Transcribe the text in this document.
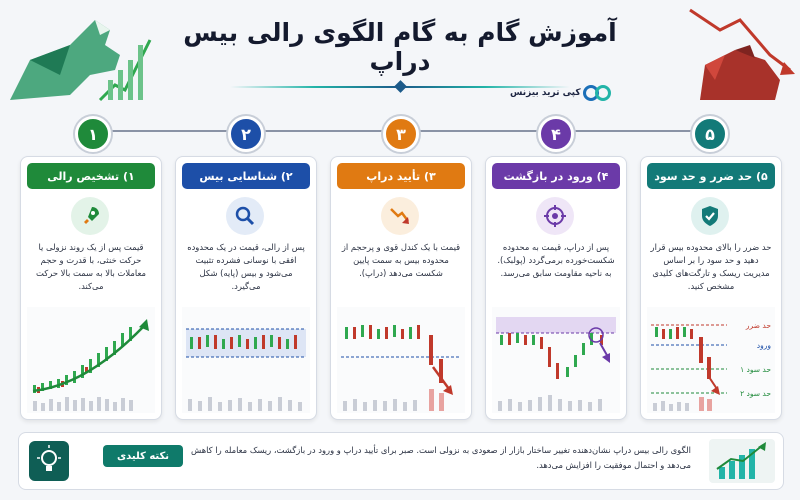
آموزش گام به گام الگوی رالی بیس دراپ
کپی ترید بیزنس
۱	۲	۳	۴	۵
۱) تشخیص رالی
قیمت پس از یک روند نزولی یا حرکت خنثی، با قدرت و حجم معاملات بالا به سمت بالا حرکت می‌کند.
۲) شناسایی بیس
پس از رالی، قیمت در یک محدوده افقی با نوسانی فشرده تثبیت می‌شود و بیس (پایه) شکل می‌گیرد.
۳) تأیید دراپ
قیمت با یک کندل قوی و پرحجم از محدوده بیس به سمت پایین شکست می‌دهد (دراپ).
۴) ورود در بازگشت
پس از دراپ، قیمت به محدوده شکست‌خورده برمی‌گردد (پولبک). به ناحیه مقاومت سابق می‌رسد.
۵) حد ضرر و حد سود
حد ضرر را بالای محدوده بیس قرار دهید و حد سود را بر اساس مدیریت ریسک و تارگت‌های کلیدی مشخص کنید.
حد ضرر
ورود
حد سود ۱
حد سود ۲
نکته کلیدی
الگوی رالی بیس دراپ نشان‌دهنده تغییر ساختار بازار از صعودی به نزولی است. صبر برای تأیید دراپ و ورود در بازگشت، ریسک معامله را کاهش می‌دهد و احتمال موفقیت را افزایش می‌دهد.
